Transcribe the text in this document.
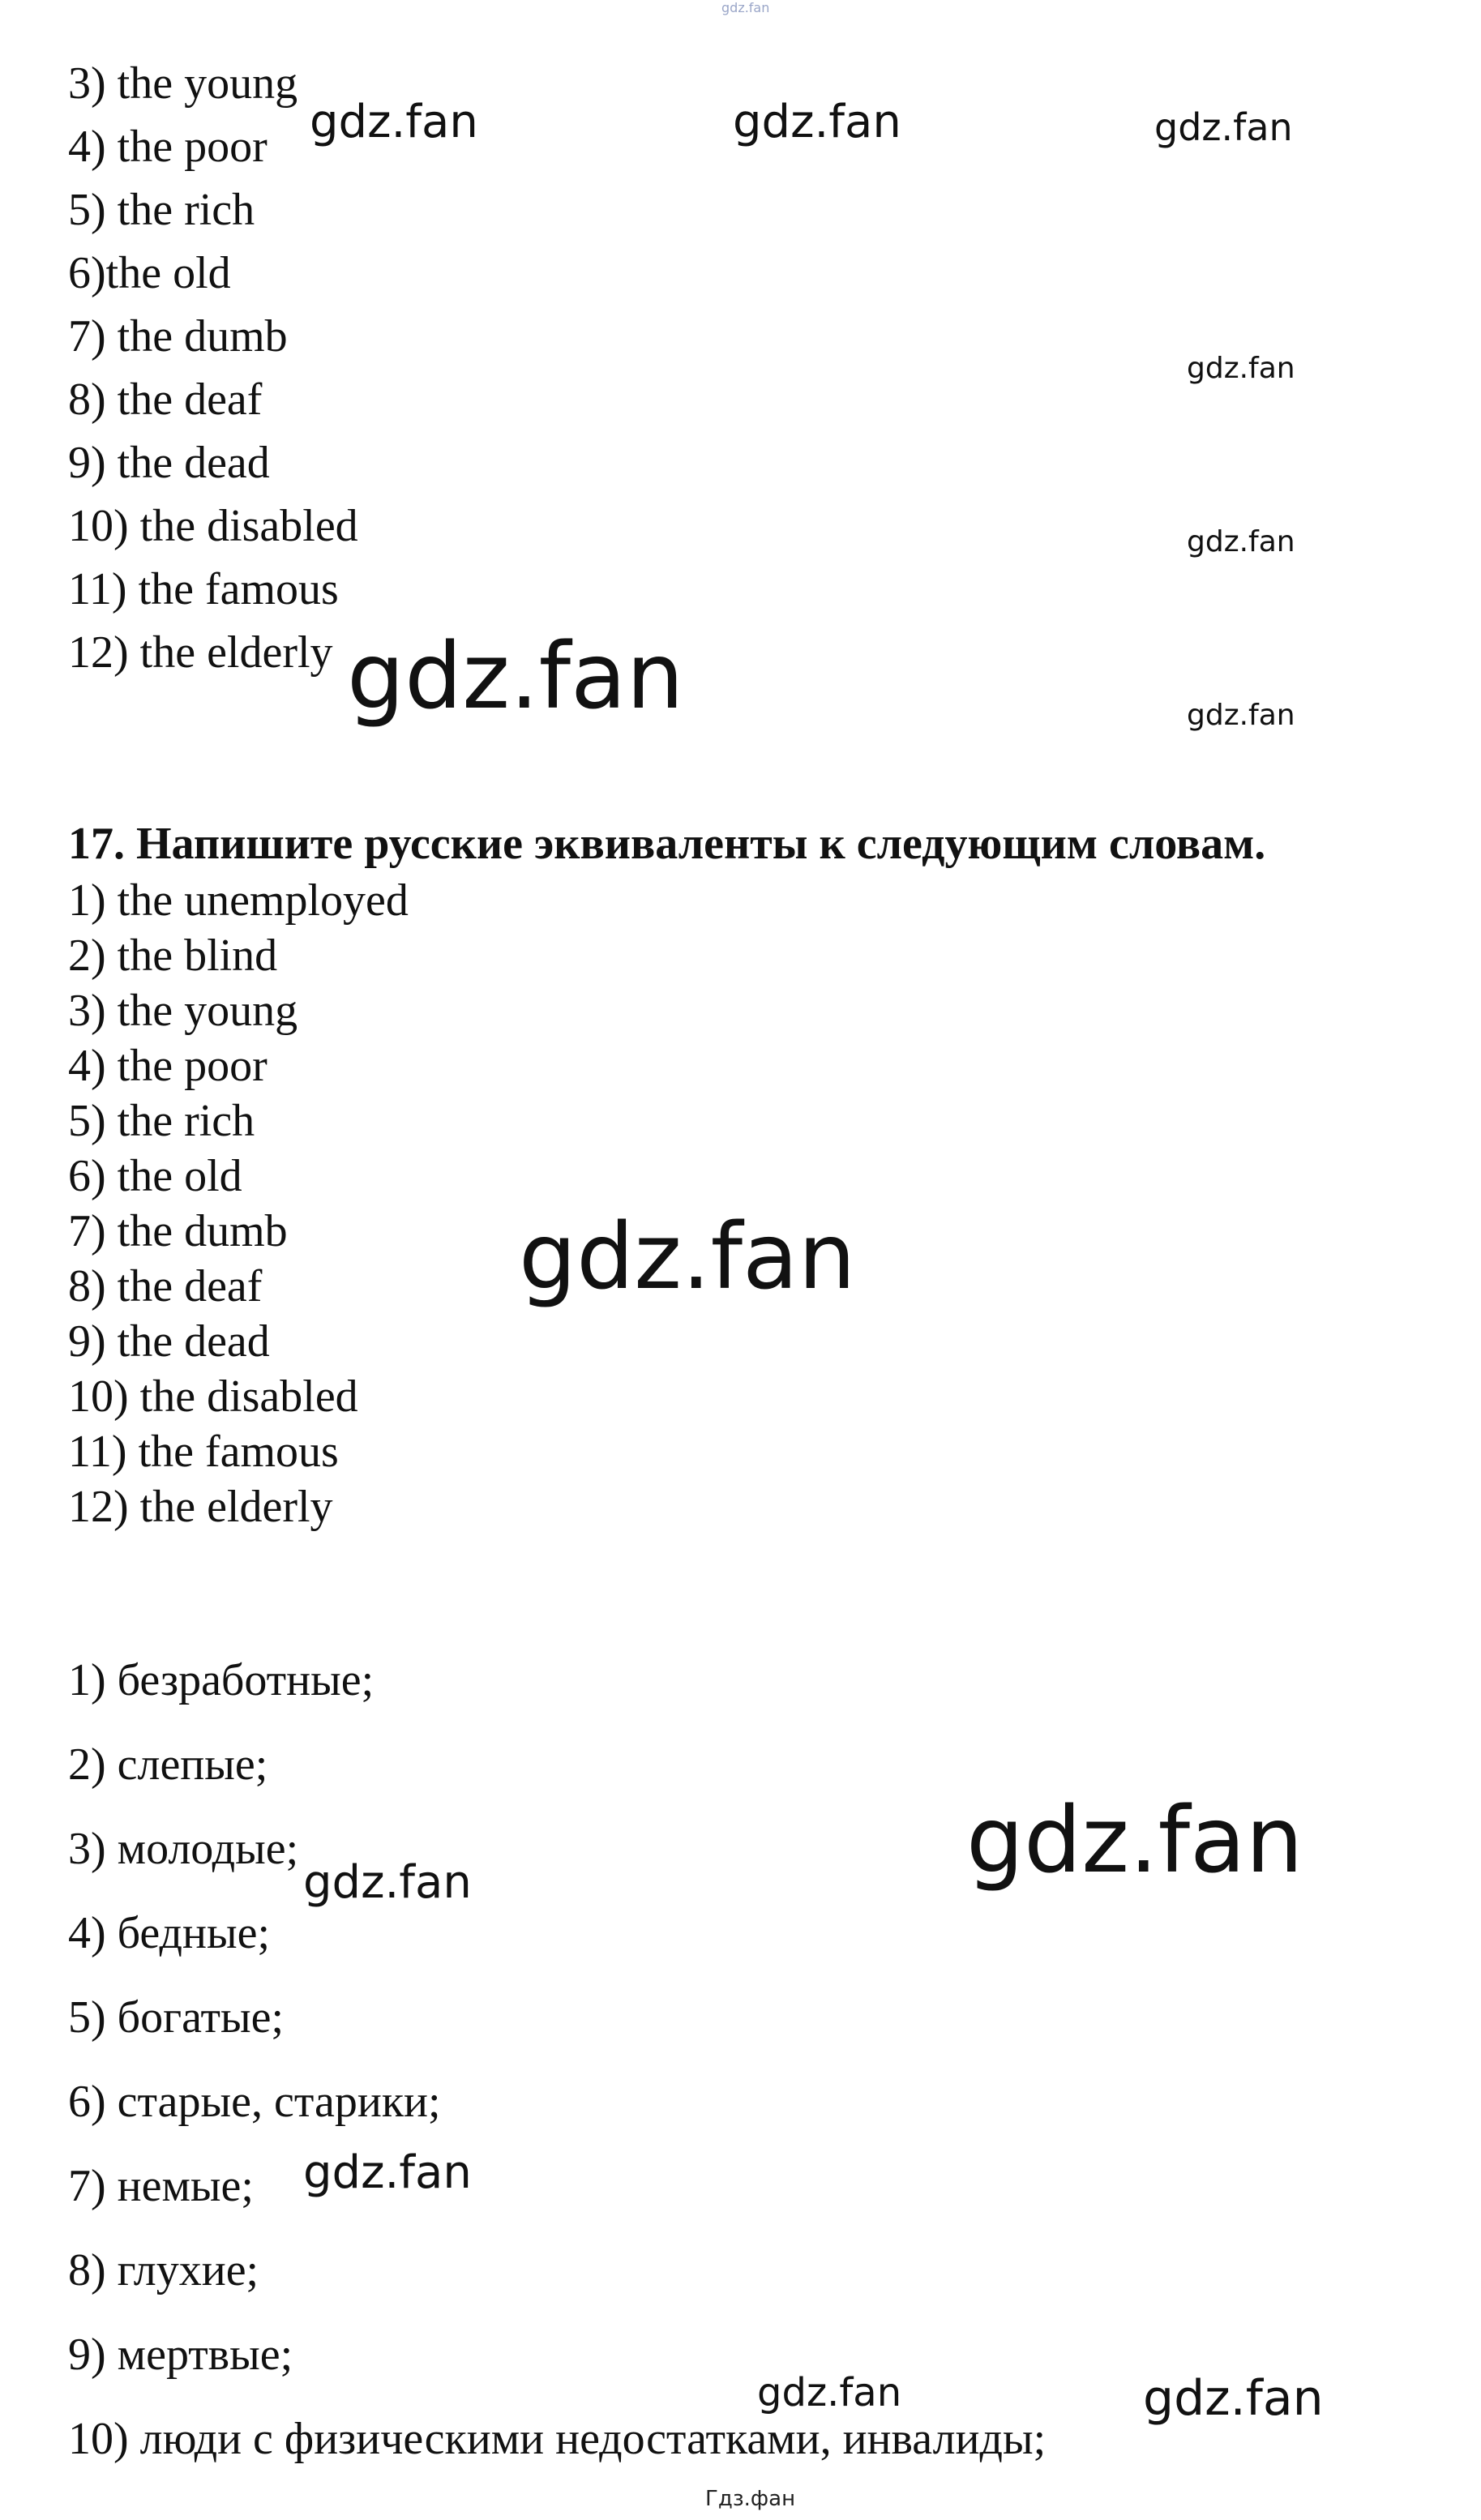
gdz.fan
3) the young
4) the poor
5) the rich
6)the old
7) the dumb
8) the deaf
9) the dead
10) the disabled
11) the famous
12) the elderly
17. Напишите русские эквиваленты к следующим словам.
1) the unemployed
2) the blind
3) the young
4) the poor
5) the rich
6) the old
7) the dumb
8) the deaf
9) the dead
10) the disabled
11) the famous
12) the elderly
1) безработные;
2) слепые;
3) молодые;
4) бедные;
5) богатые;
6) старые, старики;
7) немые;
8) глухие;
9) мертвые;
10) люди с физическими недостатками, инвалиды;
gdz.fan	gdz.fan	gdz.fan
gdz.fan
gdz.fan
gdz.fan	gdz.fan
gdz.fan
gdz.fan
gdz.fan
gdz.fan
gdz.fan	gdz.fan
Гдз.фан
